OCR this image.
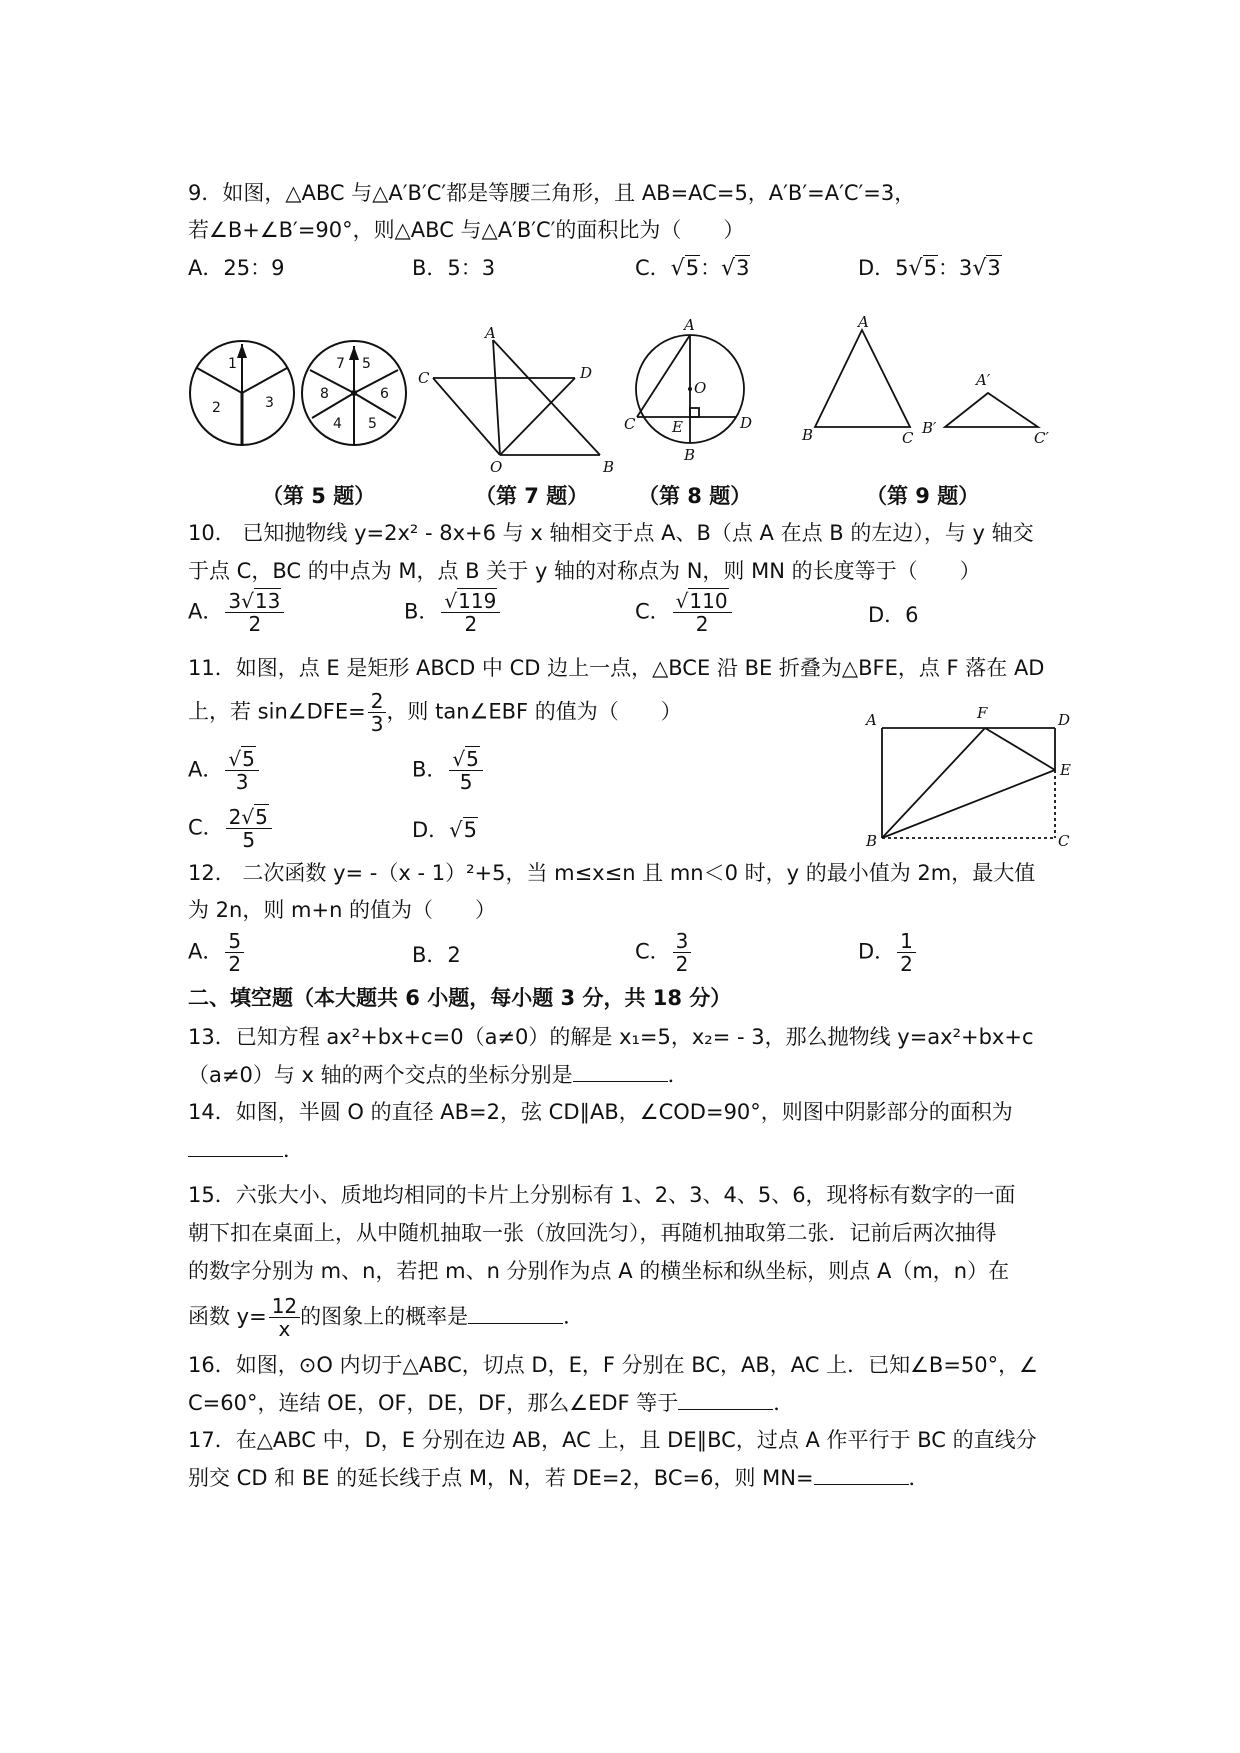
9．如图，△ABC 与△A′B′C′都是等腰三角形，且 AB=AC=5，A′B′=A′C′=3，
若∠B+∠B′=90°，则△ABC 与△A′B′C′的面积比为（　　）
A．25：9	B．5：3	C．√5：√3	D．5√5：3√3
1
2	3
7 5
8	6
4 5
A
C	D
O	B
A
O
C E	D
B
A
B	C
A′
B′
C′
（第 5 题）	（第 7 题） （第 8 题）	（第 9 题）
10． 已知抛物线 y=2x² - 8x+6 与 x 轴相交于点 A、B（点 A 在点 B 的左边），与 y 轴交
于点 C，BC 的中点为 M，点 B 关于 y 轴的对称点为 N，则 MN 的长度等于（　　）
A． $\frac{3√13}{2}$	B． $\frac{√119}{2}$	C． $\frac{√110}{2}$	D．6
11．如图，点 E 是矩形 ABCD 中 CD 边上一点，△BCE 沿 BE 折叠为△BFE，点 F 落在 AD
上，若 sin∠DFE= $\frac{2}{3}$ ，则 tan∠EBF 的值为（　　）
A． $\frac{√5}{3}$	B． $\frac{√5}{5}$
C． $\frac{2√5}{5}$	D．√5
A	F	D
E
B	C
12． 二次函数 y= -（x - 1）²+5，当 m≤x≤n 且 mn＜0 时，y 的最小值为 2m，最大值
为 2n，则 m+n 的值为（　　）
A． $\frac{5}{2}$	B．2	C． $\frac{3}{2}$	D． $\frac{1}{2}$
二、填空题（本大题共 6 小题，每小题 3 分，共 18 分）
13．已知方程 ax²+bx+c=0（a≠0）的解是 x₁=5，x₂= - 3，那么抛物线 y=ax²+bx+c
（a≠0）与 x 轴的两个交点的坐标分别是	．
14．如图，半圆 O 的直径 AB=2，弦 CD∥AB，∠COD=90°，则图中阴影部分的面积为
．
15．六张大小、质地均相同的卡片上分别标有 1、2、3、4、5、6，现将标有数字的一面
朝下扣在桌面上，从中随机抽取一张（放回洗匀），再随机抽取第二张．记前后两次抽得
的数字分别为 m、n，若把 m、n 分别作为点 A 的横坐标和纵坐标，则点 A（m，n）在
函数 $y= \frac{12}{x}$ 的图象上的概率是	．
16．如图，⊙O 内切于△ABC，切点 D，E，F 分别在 BC，AB，AC 上．已知∠B=50°，∠
C=60°，连结 OE，OF，DE，DF，那么∠EDF 等于	．
17．在△ABC 中，D，E 分别在边 AB，AC 上，且 DE∥BC，过点 A 作平行于 BC 的直线分
别交 CD 和 BE 的延长线于点 M，N，若 DE=2，BC=6，则 MN=	．
